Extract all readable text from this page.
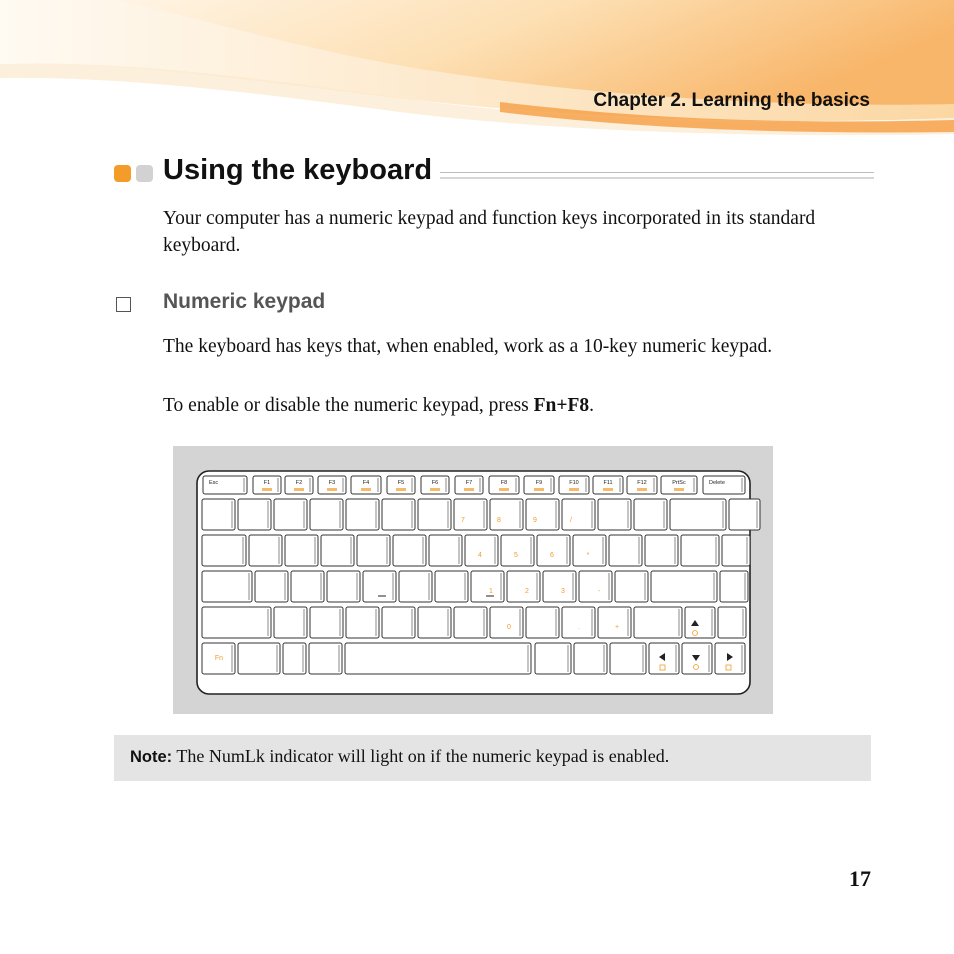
Chapter 2. Learning the basics
Using the keyboard

Your computer has a numeric keypad and function keys incorporated in its standard keyboard.

Numeric keypad

The keyboard has keys that, when enabled, work as a 10-key numeric keypad.

To enable or disable the numeric keypad, press Fn+F8.

Esc	F1	F2	F3	F4	F5	F6	F7	F8	F9	F10	F11	F12	PrtSc	Delete
Fn
7	8	9	/
4	5	6	*
1	2	3	-
0	.	+
Note: The NumLk indicator will light on if the numeric keypad is enabled.
17
